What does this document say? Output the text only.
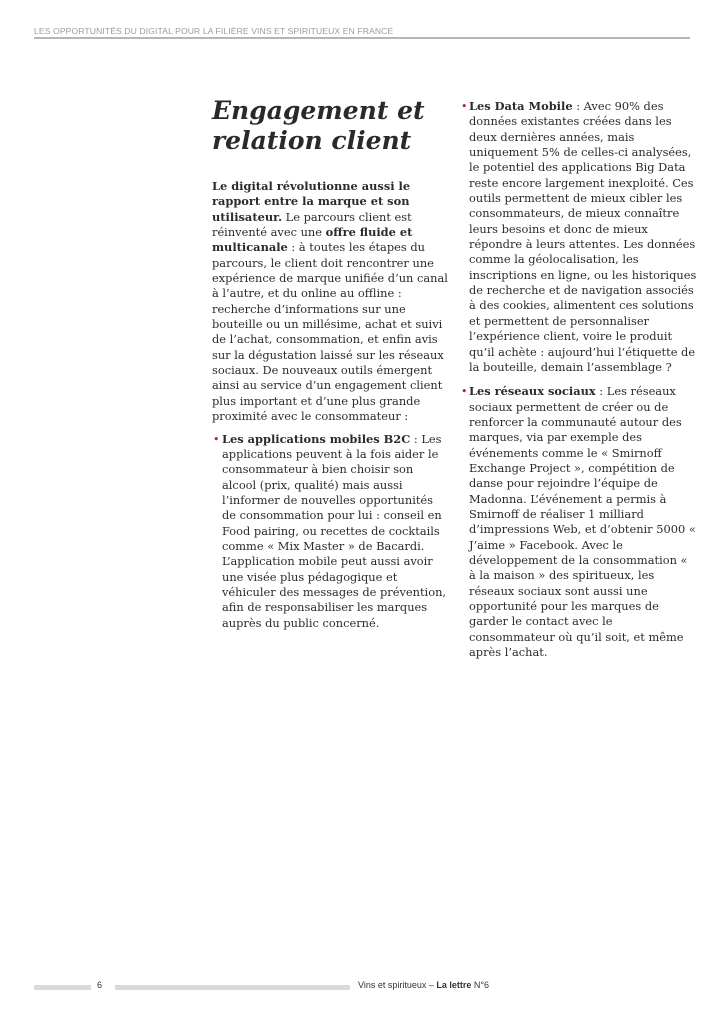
LES OPPORTUNITÉS DU DIGITAL POUR LA FILIÈRE VINS ET SPIRITUEUX EN FRANCE
Engagement et
relation client

Le digital révolutionne aussi le rapport entre la marque et son utilisateur. Le parcours client est réinventé avec une offre fluide et multicanale : à toutes les étapes du parcours, le client doit rencontrer une expérience de marque unifiée d’un canal à l’autre, et du online au offline : recherche d’informations sur une bouteille ou un millésime, achat et suivi de l’achat, consommation, et enfin avis sur la dégustation laissé sur les réseaux sociaux. De nouveaux outils émergent ainsi au service d’un engagement client plus important et d’une plus grande proximité avec le consommateur :

• Les applications mobiles B2C : Les applications peuvent à la fois aider le consommateur à bien choisir son alcool (prix, qualité) mais aussi l’informer de nouvelles opportunités de consommation pour lui : conseil en Food pairing, ou recettes de cocktails comme « Mix Master » de Bacardi. L’application mobile peut aussi avoir une visée plus pédagogique et véhiculer des messages de prévention, afin de responsabiliser les marques auprès du public concerné.
• Les Data Mobile : Avec 90% des données existantes créées dans les deux dernières années, mais uniquement 5% de celles-ci analysées, le potentiel des applications Big Data reste encore largement inexploité. Ces outils permettent de mieux cibler les consommateurs, de mieux connaître leurs besoins et donc de mieux répondre à leurs attentes. Les données comme la géolocalisation, les inscriptions en ligne, ou les historiques de recherche et de navigation associés à des cookies, alimentent ces solutions et permettent de personnaliser l’expérience client, voire le produit qu’il achète : aujourd’hui l’étiquette de la bouteille, demain l’assemblage ?
• Les réseaux sociaux : Les réseaux sociaux permettent de créer ou de renforcer la communauté autour des marques, via par exemple des événements comme le « Smirnoff Exchange Project », compétition de danse pour rejoindre l’équipe de Madonna. L’événement a permis à Smirnoff de réaliser 1 milliard d’impressions Web, et d’obtenir 5000 « J’aime » Facebook. Avec le développement de la consommation « à la maison » des spiritueux, les réseaux sociaux sont aussi une opportunité pour les marques de garder le contact avec le consommateur où qu’il soit, et même après l’achat.
6	Vins et spiritueux – La lettre N°6
